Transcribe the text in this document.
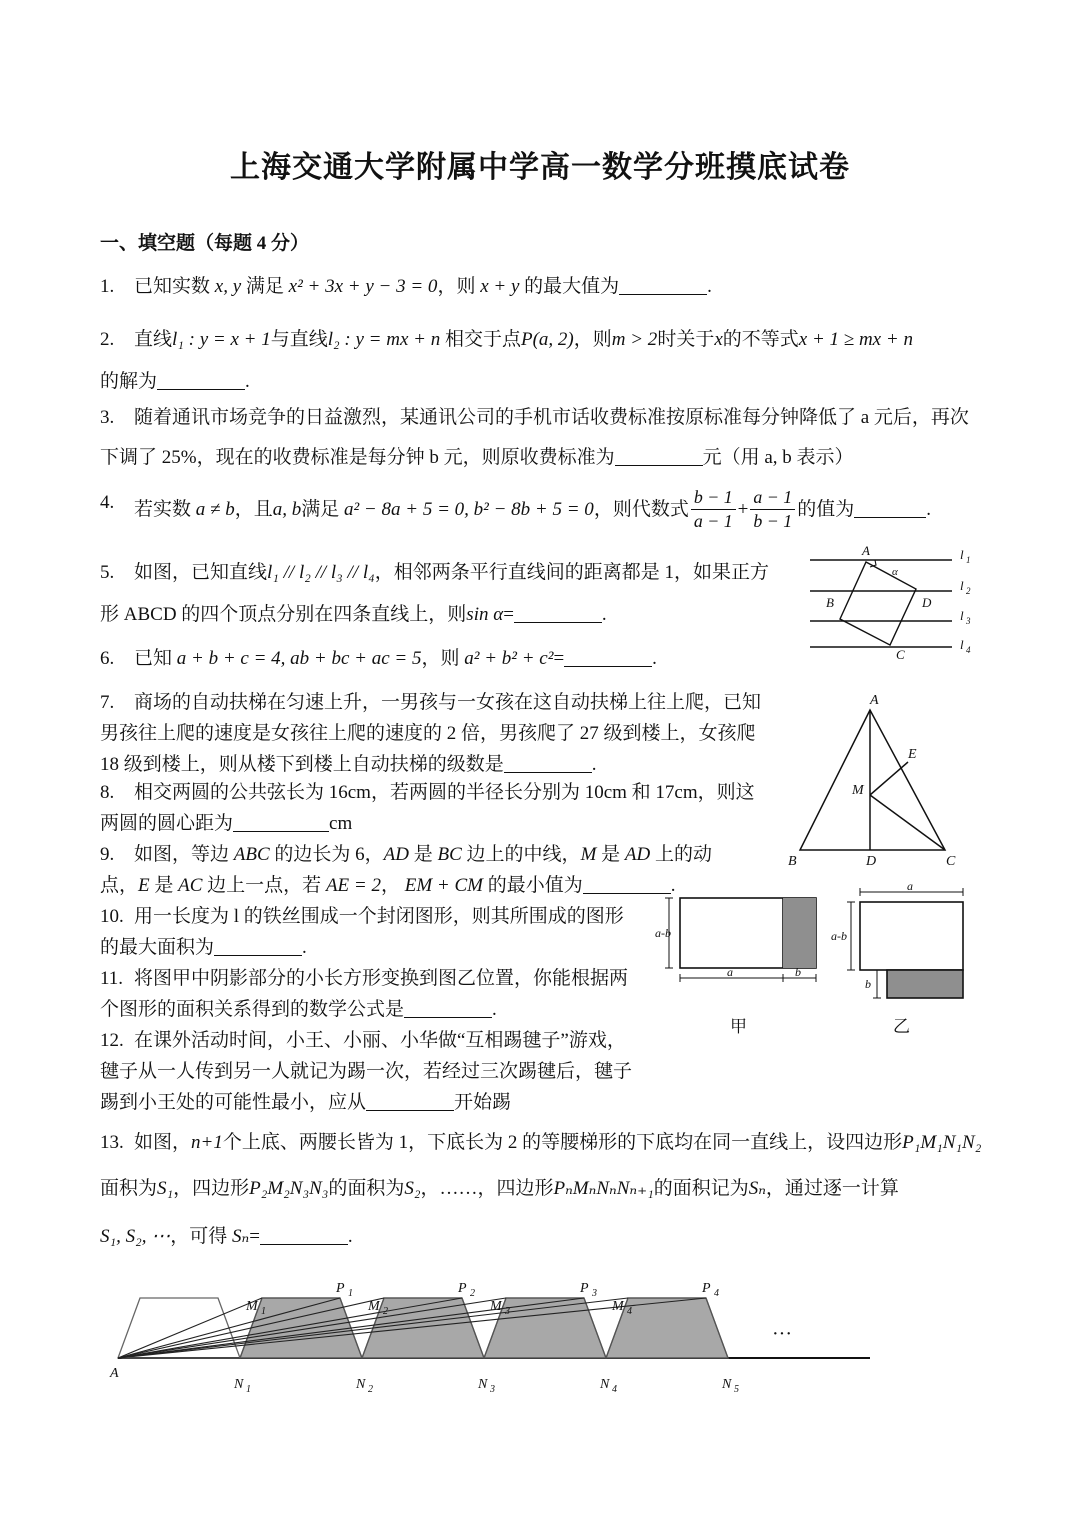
上海交通大学附属中学高一数学分班摸底试卷
一、填空题（每题 4 分）
1. 已知实数 x, y 满足 x² + 3x + y − 3 = 0，则 x + y 的最大值为	.
2. 直线l₁ : y = x + 1与直线l₂ : y = mx + n 相交于点P(a, 2)，则m > 2时关于x的不等式x + 1 ≥ mx + n
的解为	.
3. 随着通讯市场竞争的日益激烈，某通讯公司的手机市话收费标准按原标准每分钟降低了 a 元后，再次
下调了 25%，现在的收费标准是每分钟 b 元，则原收费标准为	元（用 a, b 表示）
4. 若实数 a ≠ b，且a, b满足 a² − 8a + 5 = 0, b² − 8b + 5 = 0，则代数式 $\frac{b - 1}{a - 1} + \frac{a - 1}{b - 1}$ 的值为	.
5. 如图，已知直线l₁ // l₂ // l₃ // l₄，相邻两条平行直线间的距离都是 1，如果正方
形 ABCD 的四个顶点分别在四条直线上，则sin α=	.
6. 已知 a + b + c = 4, ab + bc + ac = 5，则 a² + b² + c²=	.
7. 商场的自动扶梯在匀速上升，一男孩与一女孩在这自动扶梯上往上爬，已知
男孩往上爬的速度是女孩往上爬的速度的 2 倍，男孩爬了 27 级到楼上，女孩爬
18 级到楼上，则从楼下到楼上自动扶梯的级数是	.
8. 相交两圆的公共弦长为 16cm，若两圆的半径长分别为 10cm 和 17cm，则这
两圆的圆心距为	cm
9. 如图，等边 ABC 的边长为 6，AD 是 BC 边上的中线，M 是 AD 上的动
点，E 是 AC 边上一点，若 AE = 2， EM + CM 的最小值为	.
10. 用一长度为 l 的铁丝围成一个封闭图形，则其所围成的图形
的最大面积为	.
11. 将图甲中阴影部分的小长方形变换到图乙位置，你能根据两
个图形的面积关系得到的数学公式是	.
12. 在课外活动时间，小王、小丽、小华做“互相踢毽子”游戏，
毽子从一人传到另一人就记为踢一次，若经过三次踢毽后，毽子
踢到小王处的可能性最小，应从	开始踢
13. 如图，n+1个上底、两腰长皆为 1，下底长为 2 的等腰梯形的下底均在同一直线上，设四边形P₁M₁N₁N₂
面积为S₁，四边形P₂M₂N₃N₃的面积为S₂，……，四边形PₙMₙNₙNₙ₊₁的面积记为Sₙ，通过逐一计算
S₁, S₂, ⋯，可得 Sₙ=	.
A
B
C
D
α
l 1
l 2
l 3
l 4
A
B	D	C
E
M
a-b
a	b
a
a-b
b
甲	乙
A
P 1	P 2	P 3	P 4
M 1	M 2	M 3	M 4
N 1	N 2	N 3	N 4	N 5
···
